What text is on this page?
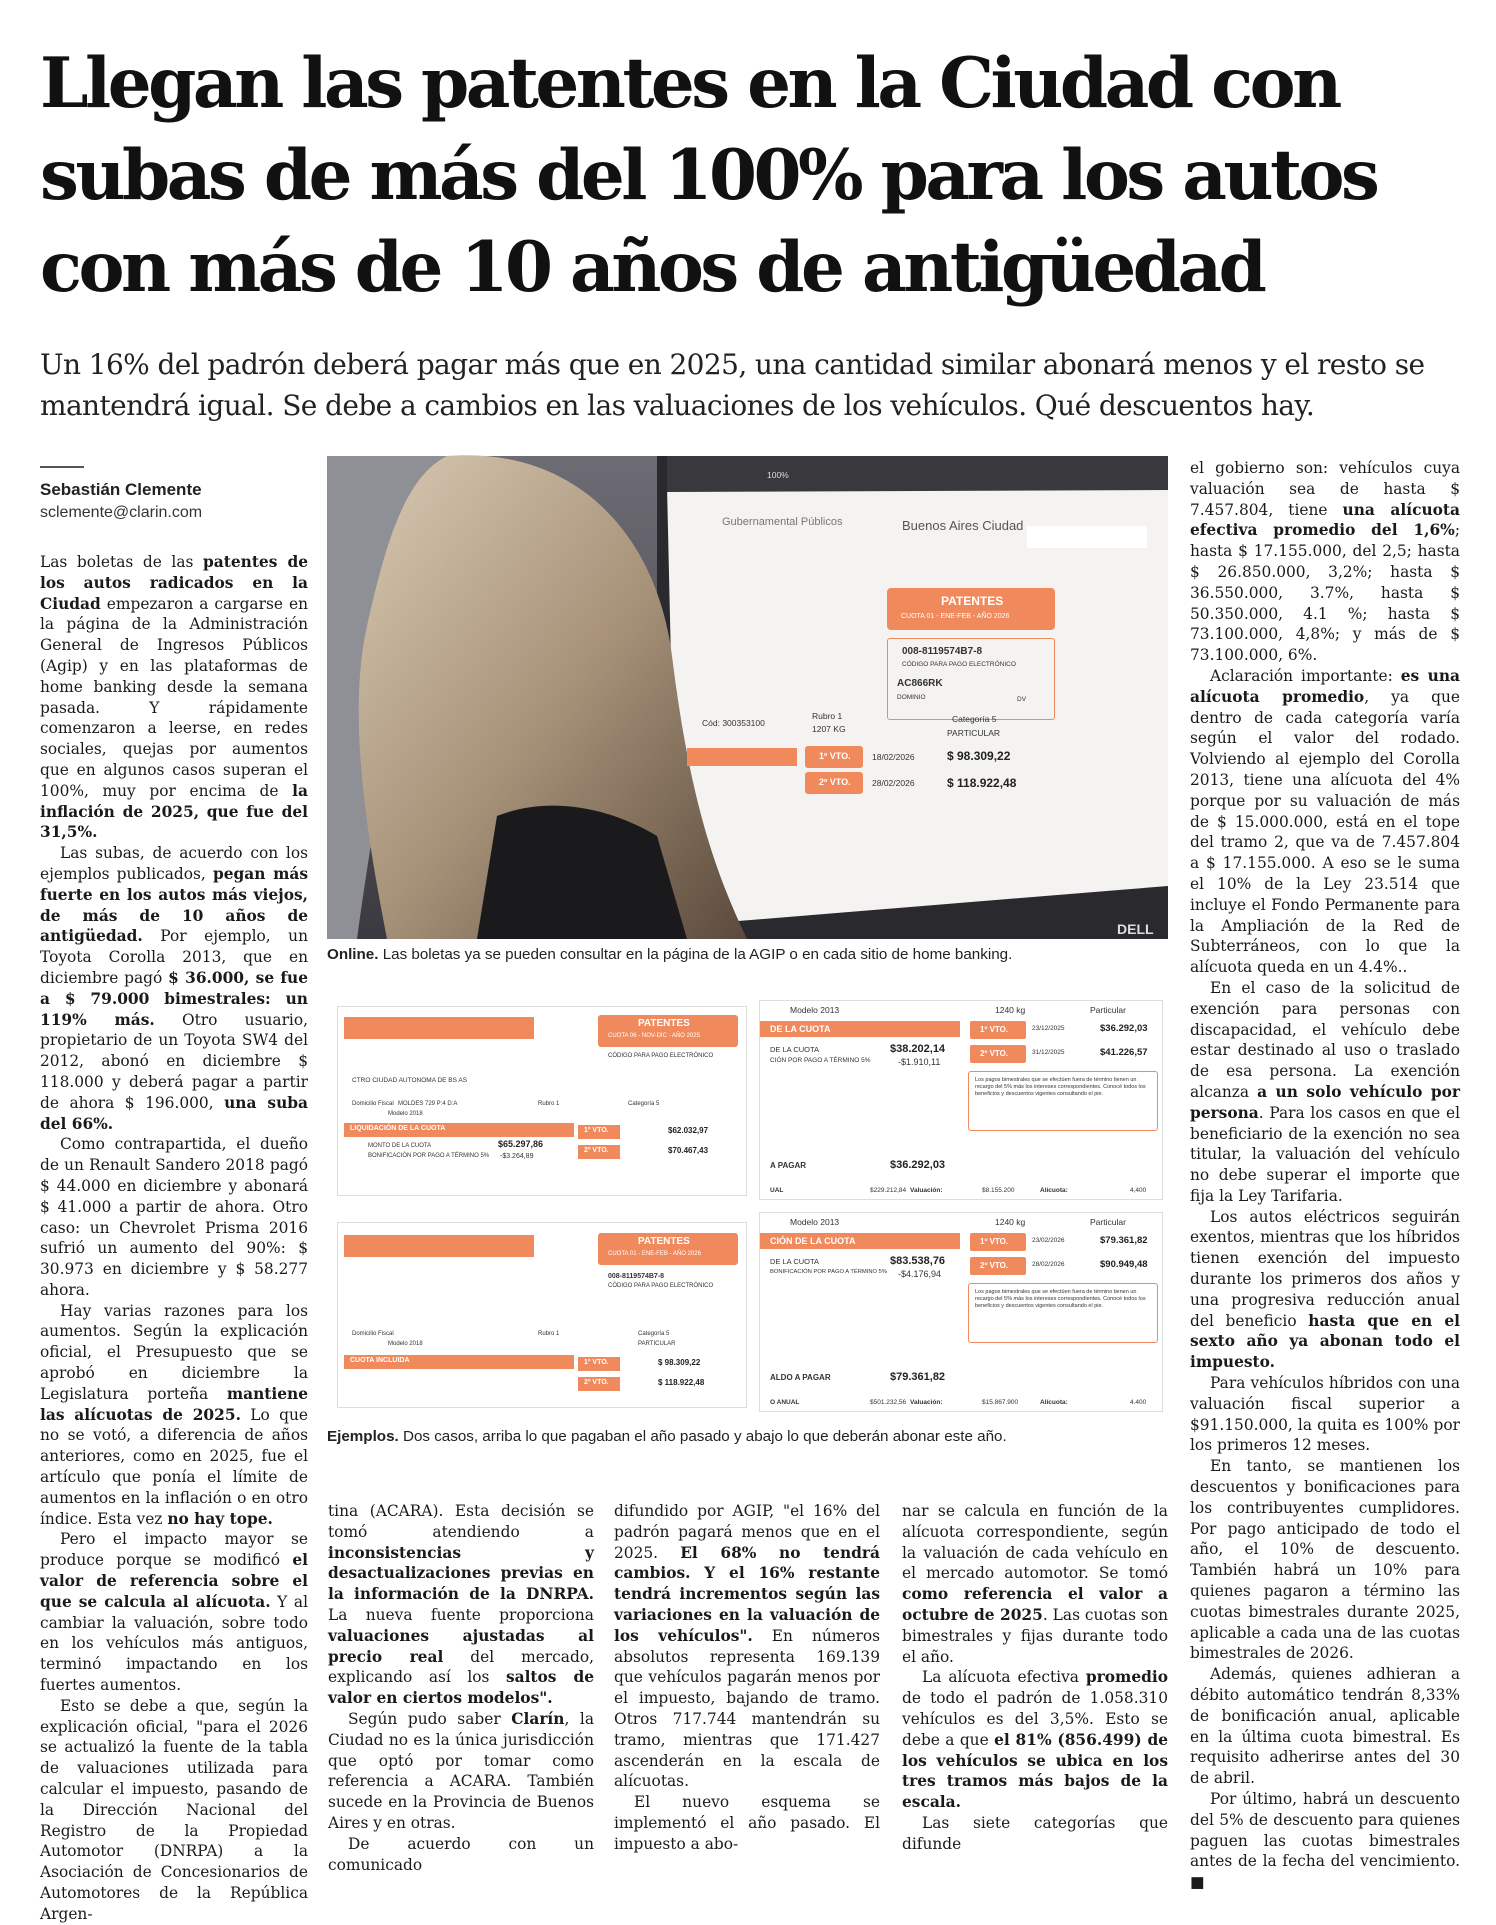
Llegan las patentes en la Ciudad con subas de más del 100% para los autos con más de 10 años de antigüedad

Un 16% del padrón deberá pagar más que en 2025, una cantidad similar abonará menos y el resto se mantendrá igual. Se debe a cambios en las valuaciones de los vehículos. Qué descuentos hay.

Sebastián Clemente
sclemente@clarin.com

Las boletas de las patentes de los autos radicados en la Ciudad empezaron a cargarse en la página de la Administración General de Ingresos Públicos (Agip) y en las plataformas de home banking desde la semana pasada. Y rápidamente comenzaron a leerse, en redes sociales, quejas por aumentos que en algunos casos superan el 100%, muy por encima de la inflación de 2025, que fue del 31,5%.

Las subas, de acuerdo con los ejemplos publicados, pegan más fuerte en los autos más viejos, de más de 10 años de antigüedad. Por ejemplo, un Toyota Corolla 2013, que en diciembre pagó $ 36.000, se fue a $ 79.000 bimestrales: un 119% más. Otro usuario, propietario de un Toyota SW4 del 2012, abonó en diciembre $ 118.000 y deberá pagar a partir de ahora $ 196.000, una suba del 66%.

Como contrapartida, el dueño de un Renault Sandero 2018 pagó $ 44.000 en diciembre y abonará $ 41.000 a partir de ahora. Otro caso: un Chevrolet Prisma 2016 sufrió un aumento del 90%: $ 30.973 en diciembre y $ 58.277 ahora.

Hay varias razones para los aumentos. Según la explicación oficial, el Presupuesto que se aprobó en diciembre la Legislatura porteña mantiene las alícuotas de 2025. Lo que no se votó, a diferencia de años anteriores, como en 2025, fue el artículo que ponía el límite de aumentos en la inflación o en otro índice. Esta vez no hay tope.

Pero el impacto mayor se produce porque se modificó el valor de referencia sobre el que se calcula al alícuota. Y al cambiar la valuación, sobre todo en los vehículos más antiguos, terminó impactando en los fuertes aumentos.

Esto se debe a que, según la explicación oficial, "para el 2026 se actualizó la fuente de la tabla de valuaciones utilizada para calcular el impuesto, pasando de la Dirección Nacional del Registro de la Propiedad Automotor (DNRPA) a la Asociación de Concesionarios de Automotores de la República Argen-

DELL
100%
Gubernamental Públicos	Buenos Aires Ciudad
PATENTES
CUOTA 01 - ENE-FEB - AÑO 2026
008-8119574B7-8
CÓDIGO PARA PAGO ELECTRÓNICO
AC866RK
DOMINIO	DV
Cód: 300353100
Rubro 1
1207 KG
Categoría 5
PARTICULAR
1º VTO.	18/02/2026	$ 98.309,22
2º VTO.	28/02/2026	$ 118.922,48
Online. Las boletas ya se pueden consultar en la página de la AGIP o en cada sitio de home banking.
PATENTES
CUOTA 06 - NOV-DIC - AÑO 2025
CÓDIGO PARA PAGO ELECTRÓNICO
CTRO CIUDAD AUTONOMA DE BS AS
Domicilio Fiscal MOLDES 729 P:4 D:A
Modelo 2018
Rubro 1	Categoría 5
LIQUIDACIÓN DE LA CUOTA
MONTO DE LA CUOTA	$65.297,86
BONIFICACIÓN POR PAGO A TÉRMINO 5% -$3.264,89
1º VTO.	$62.032,97
2º VTO.	$70.467,43
PATENTES
CUOTA 01 - ENE-FEB - AÑO 2026
008-8119574B7-8
CÓDIGO PARA PAGO ELECTRÓNICO
Domicilio Fiscal
Modelo 2018
Rubro 1	Categoría 5
PARTICULAR
CUOTA INCLUIDA	1º VTO.	$ 98.309,22
2º VTO.	$ 118.922,48
Modelo 2013	1240 kg	Particular
DE LA CUOTA
DE LA CUOTA	$38.202,14
CIÓN POR PAGO A TÉRMINO 5%	-$1.910,11
1º VTO.	23/12/2025	$36.292,03
2º VTO.	31/12/2025	$41.226,57
Los pagos bimestrales que se efectúen fuera de término tienen un recargo del 5% más los intereses correspondientes. Conocé todos los beneficios y descuentos vigentes consultando el pie.
A PAGAR	$36.292,03
UAL	$229.212,84 Valuación:	$8.155.200	Alícuota:	4,400
Modelo 2013	1240 kg	Particular
CIÓN DE LA CUOTA
DE LA CUOTA	$83.538,76
BONIFICACIÓN POR PAGO A TÉRMINO 5% -$4.176,94
1º VTO.	23/02/2026	$79.361,82
2º VTO.	28/02/2026	$90.949,48
Los pagos bimestrales que se efectúen fuera de término tienen un recargo del 5% más los intereses correspondientes. Conocé todos los beneficios y descuentos vigentes consultando el pie.
ALDO A PAGAR	$79.361,82
O ANUAL	$501.232,56 Valuación:	$15.867.900	Alícuota:	4.400
Ejemplos. Dos casos, arriba lo que pagaban el año pasado y abajo lo que deberán abonar este año.

tina (ACARA). Esta decisión se tomó atendiendo a inconsistencias y desactualizaciones previas en la información de la DNRPA. La nueva fuente proporciona valuaciones ajustadas al precio real del mercado, explicando así los saltos de valor en ciertos modelos".

Según pudo saber Clarín, la Ciudad no es la única jurisdicción que optó por tomar como referencia a ACARA. También sucede en la Provincia de Buenos Aires y en otras.

De acuerdo con un comunicado

difundido por AGIP, "el 16% del padrón pagará menos que en el 2025. El 68% no tendrá cambios. Y el 16% restante tendrá incrementos según las variaciones en la valuación de los vehículos". En números absolutos representa 169.139 que vehículos pagarán menos por el impuesto, bajando de tramo. Otros 717.744 mantendrán su tramo, mientras que 171.427 ascenderán en la escala de alícuotas.

El nuevo esquema se implementó el año pasado. El impuesto a abo-

nar se calcula en función de la alícuota correspondiente, según la valuación de cada vehículo en el mercado automotor. Se tomó como referencia el valor a octubre de 2025. Las cuotas son bimestrales y fijas durante todo el año.

La alícuota efectiva promedio de todo el padrón de 1.058.310 vehículos es del 3,5%. Esto se debe a que el 81% (856.499) de los vehículos se ubica en los tres tramos más bajos de la escala.

Las siete categorías que difunde

el gobierno son: vehículos cuya valuación sea de hasta $ 7.457.804, tiene una alícuota efectiva promedio del 1,6%; hasta $ 17.155.000, del 2,5; hasta $ 26.850.000, 3,2%; hasta $ 36.550.000, 3.7%, hasta $ 50.350.000, 4.1 %; hasta $ 73.100.000, 4,8%; y más de $ 73.100.000, 6%.

Aclaración importante: es una alícuota promedio, ya que dentro de cada categoría varía según el valor del rodado. Volviendo al ejemplo del Corolla 2013, tiene una alícuota del 4% porque por su valuación de más de $ 15.000.000, está en el tope del tramo 2, que va de 7.457.804 a $ 17.155.000. A eso se le suma el 10% de la Ley 23.514 que incluye el Fondo Permanente para la Ampliación de la Red de Subterráneos, con lo que la alícuota queda en un 4.4%..

En el caso de la solicitud de exención para personas con discapacidad, el vehículo debe estar destinado al uso o traslado de esa persona. La exención alcanza a un solo vehículo por persona. Para los casos en que el beneficiario de la exención no sea titular, la valuación del vehículo no debe superar el importe que fija la Ley Tarifaria.

Los autos eléctricos seguirán exentos, mientras que los híbridos tienen exención del impuesto durante los primeros dos años y una progresiva reducción anual del beneficio hasta que en el sexto año ya abonan todo el impuesto.

Para vehículos híbridos con una valuación fiscal superior a $91.150.000, la quita es 100% por los primeros 12 meses.

En tanto, se mantienen los descuentos y bonificaciones para los contribuyentes cumplidores. Por pago anticipado de todo el año, el 10% de descuento. También habrá un 10% para quienes pagaron a término las cuotas bimestrales durante 2025, aplicable a cada una de las cuotas bimestrales de 2026.

Además, quienes adhieran a débito automático tendrán 8,33% de bonificación anual, aplicable en la última cuota bimestral. Es requisito adherirse antes del 30 de abril.

Por último, habrá un descuento del 5% de descuento para quienes paguen las cuotas bimestrales antes de la fecha del vencimiento. ■
